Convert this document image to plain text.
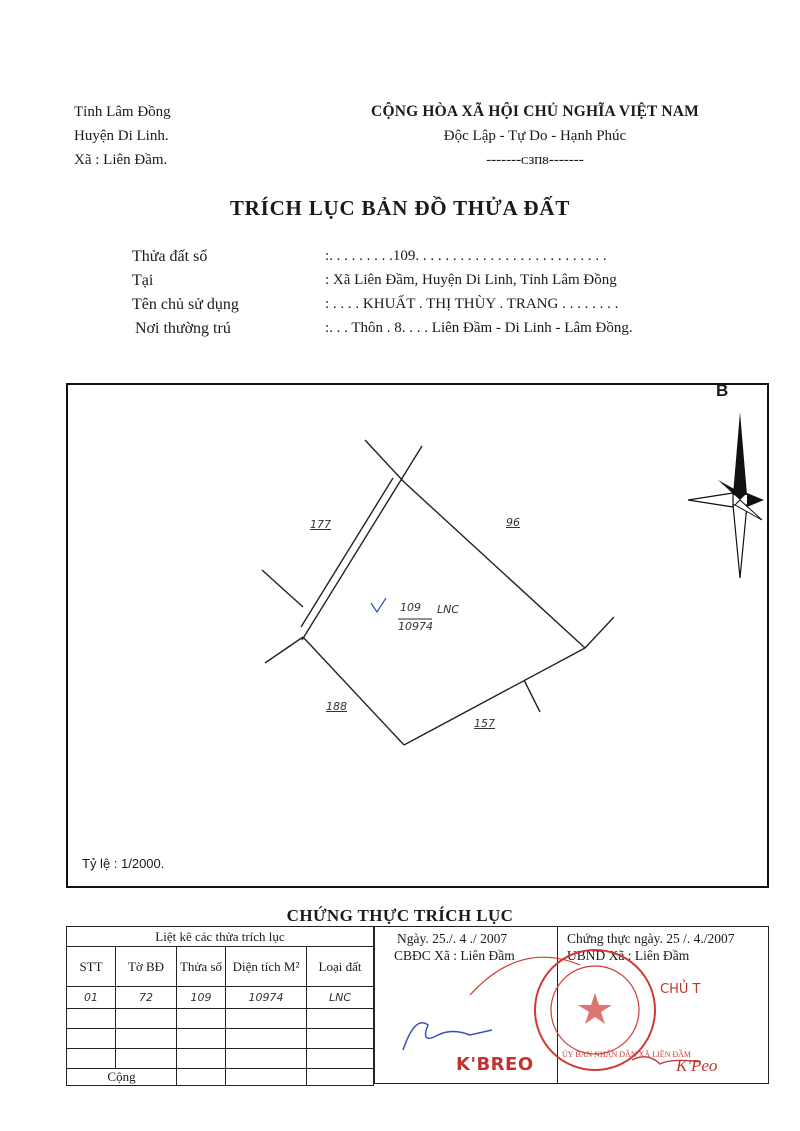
Tỉnh Lâm Đồng
Huyện Di Linh.
Xã : Liên Đầm.
CỘNG HÒA XÃ HỘI CHỦ NGHĨA VIỆT NAM
Độc Lập - Tự Do - Hạnh Phúc
-------ᴄᴈᴨᴕ-------
TRÍCH LỤC BẢN ĐỒ THỬA ĐẤT
Thửa đất số	:. . . . . . . . .109. . . . . . . . . . . . . . . . . . . . . . . . . .
Tại	: Xã Liên Đầm, Huyện Di Linh, Tỉnh Lâm Đồng
Tên chủ sử dụng	: . . . . KHUẤT . THỊ THÙY . TRANG . . . . . . . .
Nơi thường trú	:. . . Thôn . 8. . . . Liên Đầm - Di Linh - Lâm Đồng.
B
109 LNC
10974
177	96
188
157
Tỷ lệ : 1/2000.
CHỨNG THỰC TRÍCH LỤC
Liệt kê các thửa trích lục				
STT	Tờ BĐ	Thửa số	Diện tích M²	Loại đất
01	72	109	10974	LNC

Cộng				
Ngày. 25./. 4 ./ 2007
CBĐC Xã : Liên Đầm
Chứng thực ngày. 25 /. 4./2007
UBND Xã : Liên Đầm
K'BREO	ỦY BAN NHÂN DÂN XÃ LIÊN ĐẦM
CHỦ T
K'Peo
